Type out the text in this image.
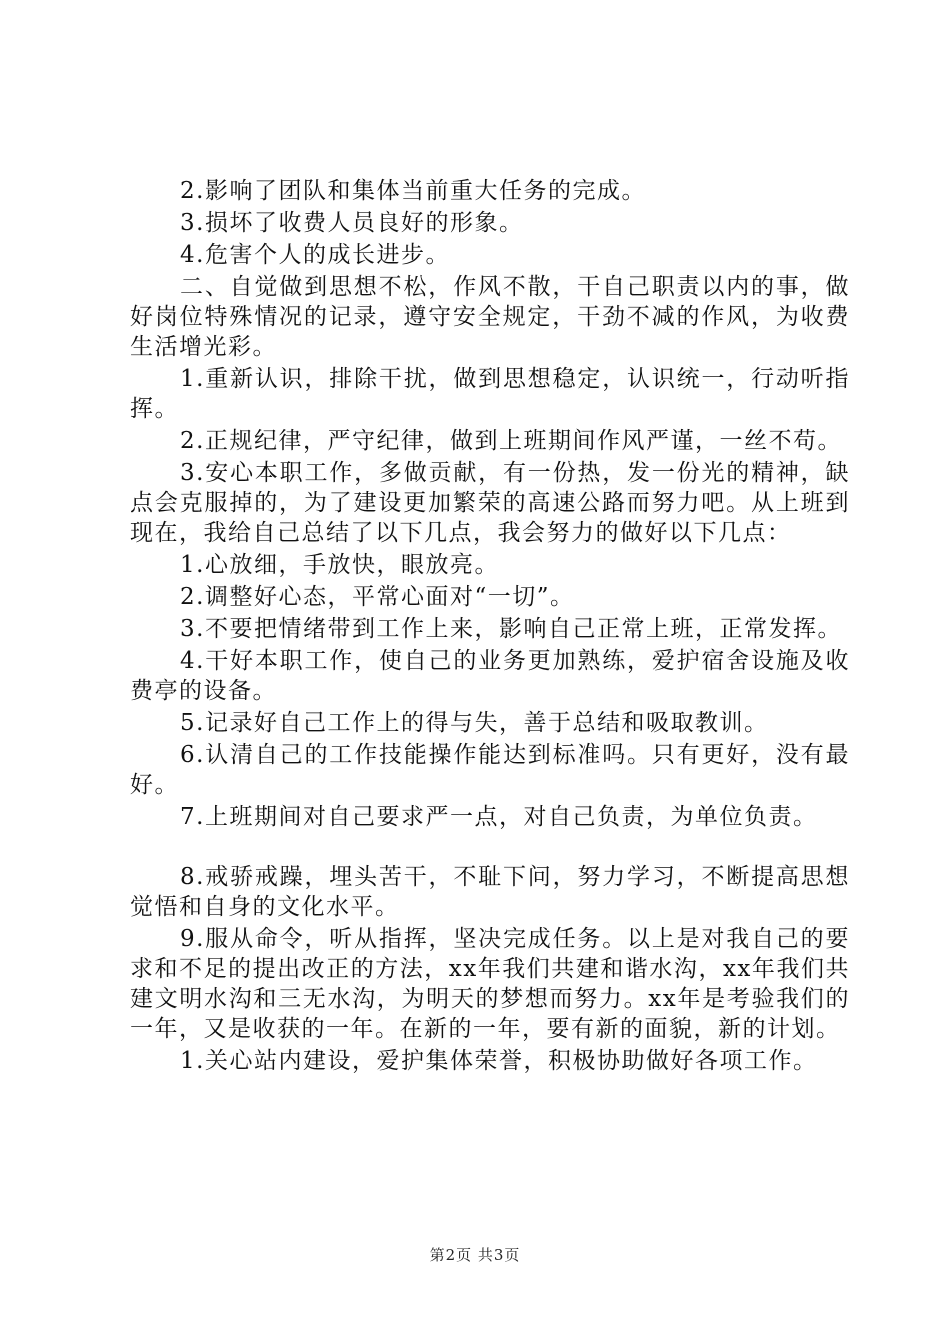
2.影响了团队和集体当前重大任务的完成。

3.损坏了收费人员良好的形象。

4.危害个人的成长进步。

二、自觉做到思想不松，作风不散，干自己职责以内的事，做好岗位特殊情况的记录，遵守安全规定，干劲不减的作风，为收费生活增光彩。

1.重新认识，排除干扰，做到思想稳定，认识统一，行动听指挥。

2.正规纪律，严守纪律，做到上班期间作风严谨，一丝不苟。

3.安心本职工作，多做贡献，有一份热，发一份光的精神，缺点会克服掉的，为了建设更加繁荣的高速公路而努力吧。从上班到现在，我给自己总结了以下几点，我会努力的做好以下几点：

1.心放细，手放快，眼放亮。

2.调整好心态，平常心面对“一切”。

3.不要把情绪带到工作上来，影响自己正常上班，正常发挥。

4.干好本职工作，使自己的业务更加熟练，爱护宿舍设施及收费亭的设备。

5.记录好自己工作上的得与失，善于总结和吸取教训。

6.认清自己的工作技能操作能达到标准吗。只有更好，没有最好。

7.上班期间对自己要求严一点，对自己负责，为单位负责。

8.戒骄戒躁，埋头苦干，不耻下问，努力学习，不断提高思想觉悟和自身的文化水平。

9.服从命令，听从指挥，坚决完成任务。以上是对我自己的要求和不足的提出改正的方法，xx年我们共建和谐水沟，xx年我们共建文明水沟和三无水沟，为明天的梦想而努力。xx年是考验我们的一年，又是收获的一年。在新的一年，要有新的面貌，新的计划。

1.关心站内建设，爱护集体荣誉，积极协助做好各项工作。

第2页 共3页
